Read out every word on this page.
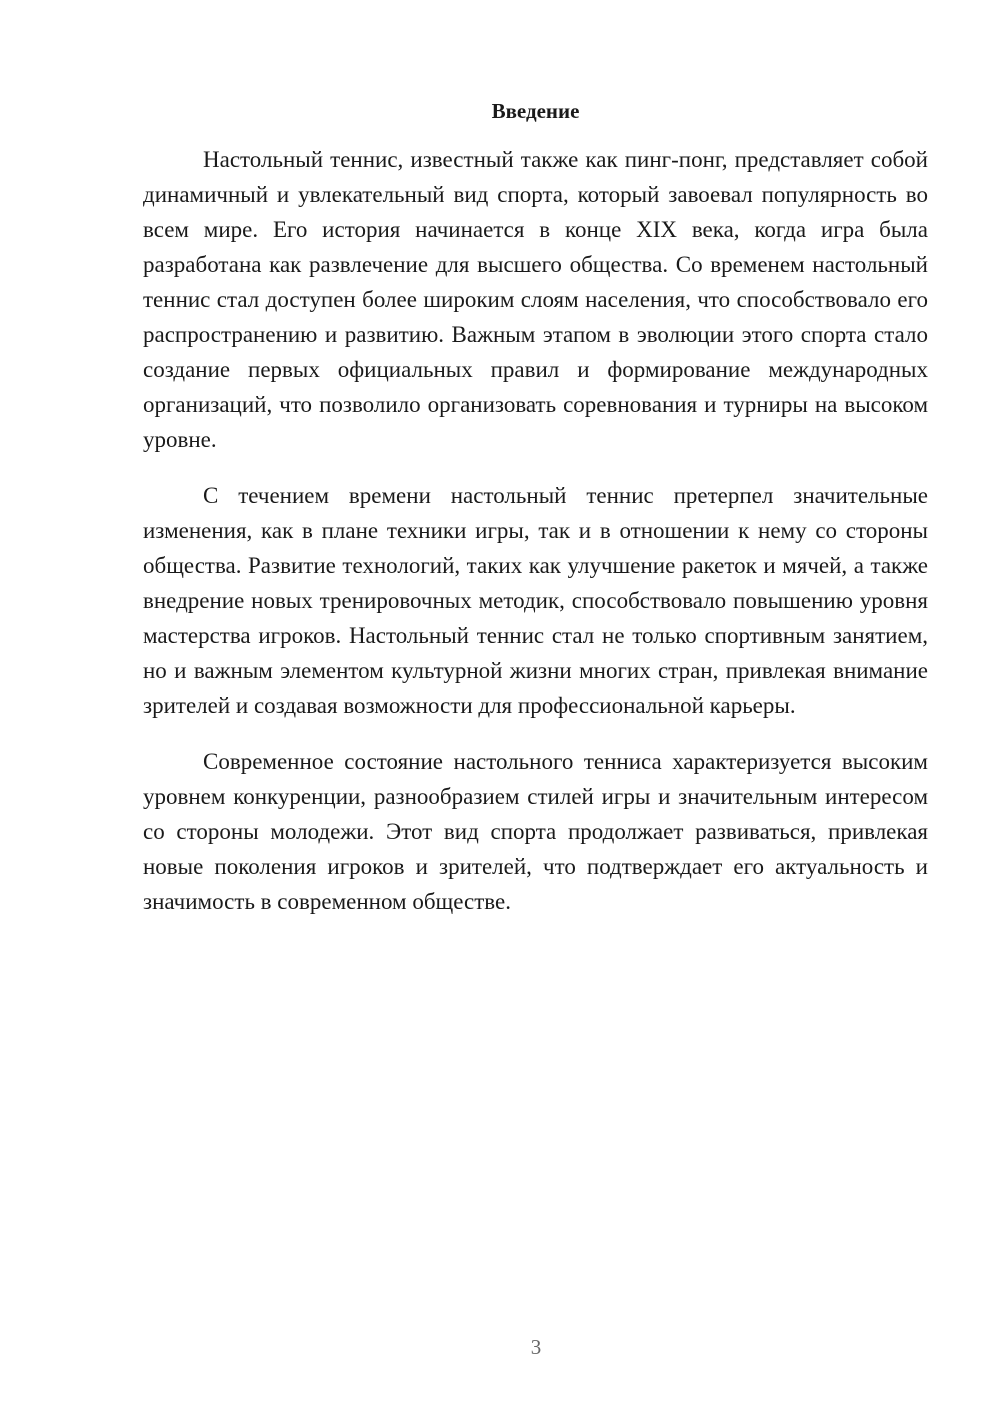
Введение

Настольный теннис, известный также как пинг-понг, представляет собой динамичный и увлекательный вид спорта, который завоевал популярность во всем мире. Его история начинается в конце XIX века, когда игра была разработана как развлечение для высшего общества. Со временем настольный теннис стал доступен более широким слоям населения, что способствовало его распространению и развитию. Важным этапом в эволюции этого спорта стало создание первых официальных правил и формирование международных организаций, что позволило организовать соревнования и турниры на высоком уровне.

С течением времени настольный теннис претерпел значительные изменения, как в плане техники игры, так и в отношении к нему со стороны общества. Развитие технологий, таких как улучшение ракеток и мячей, а также внедрение новых тренировочных методик, способствовало повышению уровня мастерства игроков. Настольный теннис стал не только спортивным занятием, но и важным элементом культурной жизни многих стран, привлекая внимание зрителей и создавая возможности для профессиональной карьеры.

Современное состояние настольного тенниса характеризуется высоким уровнем конкуренции, разнообразием стилей игры и значительным интересом со стороны молодежи. Этот вид спорта продолжает развиваться, привлекая новые поколения игроков и зрителей, что подтверждает его актуальность и значимость в современном обществе.

3
